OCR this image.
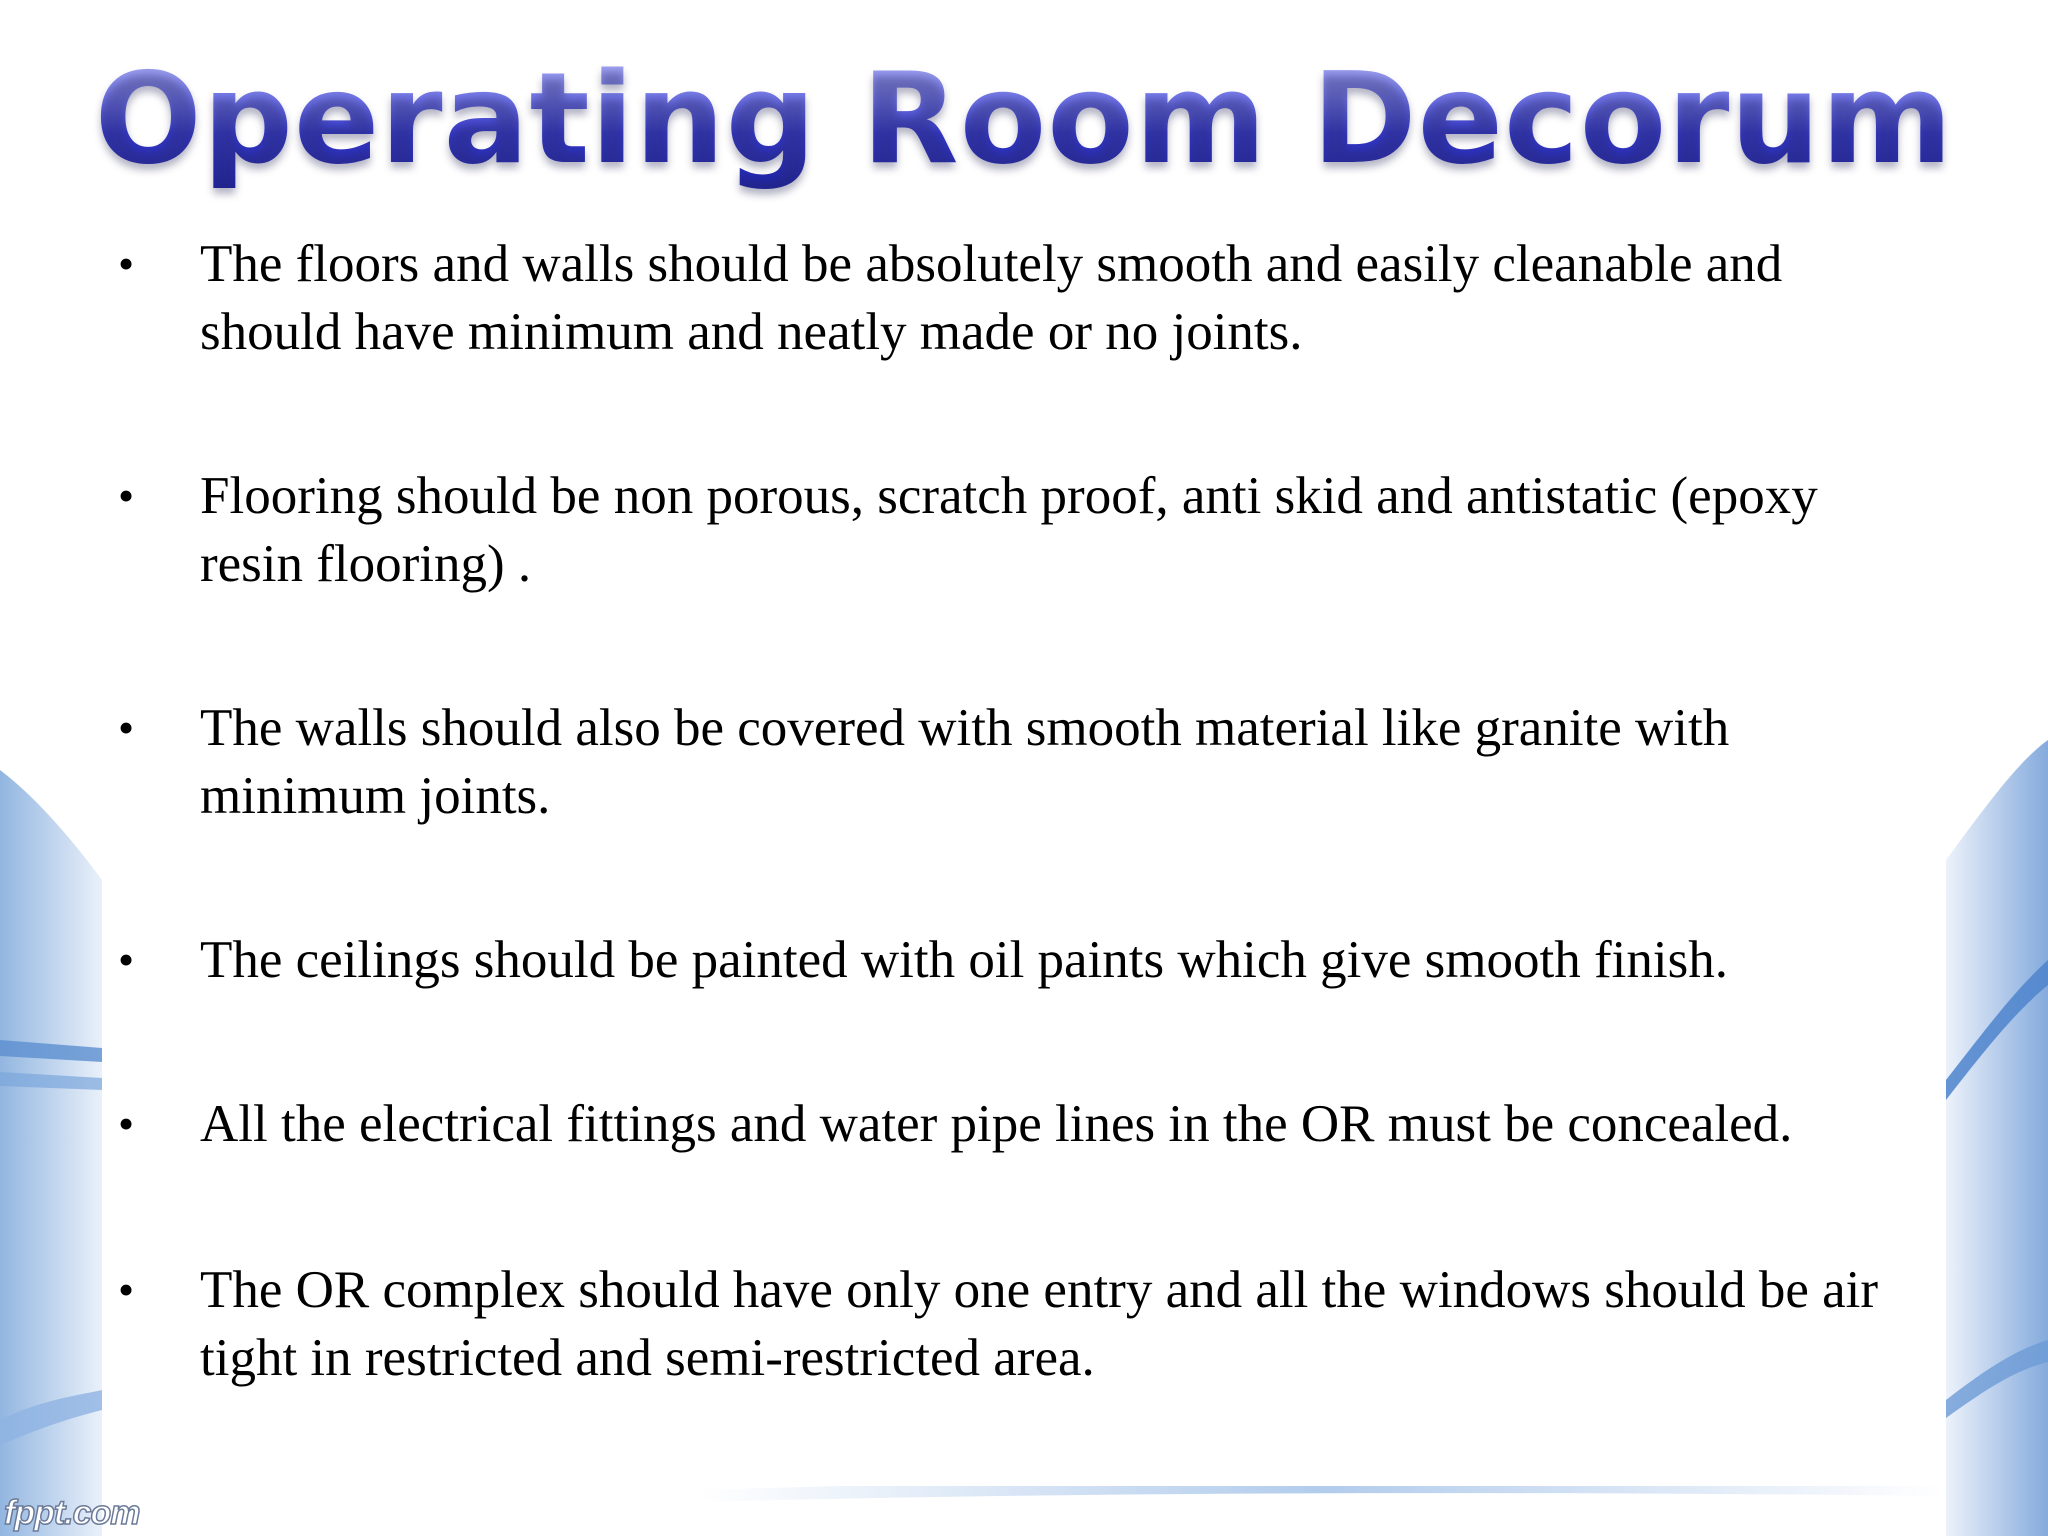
Operating Room Decorum
•	The floors and walls should be absolutely smooth and easily cleanable and should have minimum and neatly made or no joints.
•	Flooring should be non porous, scratch proof, anti skid and antistatic (epoxy resin flooring) .
•	The walls should also be covered with smooth material like granite with minimum joints.
•	The ceilings should be painted with oil paints which give smooth finish.
•	All the electrical fittings and water pipe lines in the OR must be concealed.
•	The OR complex should have only one entry and all the windows should be air tight in restricted and semi-restricted area.
fppt.com
